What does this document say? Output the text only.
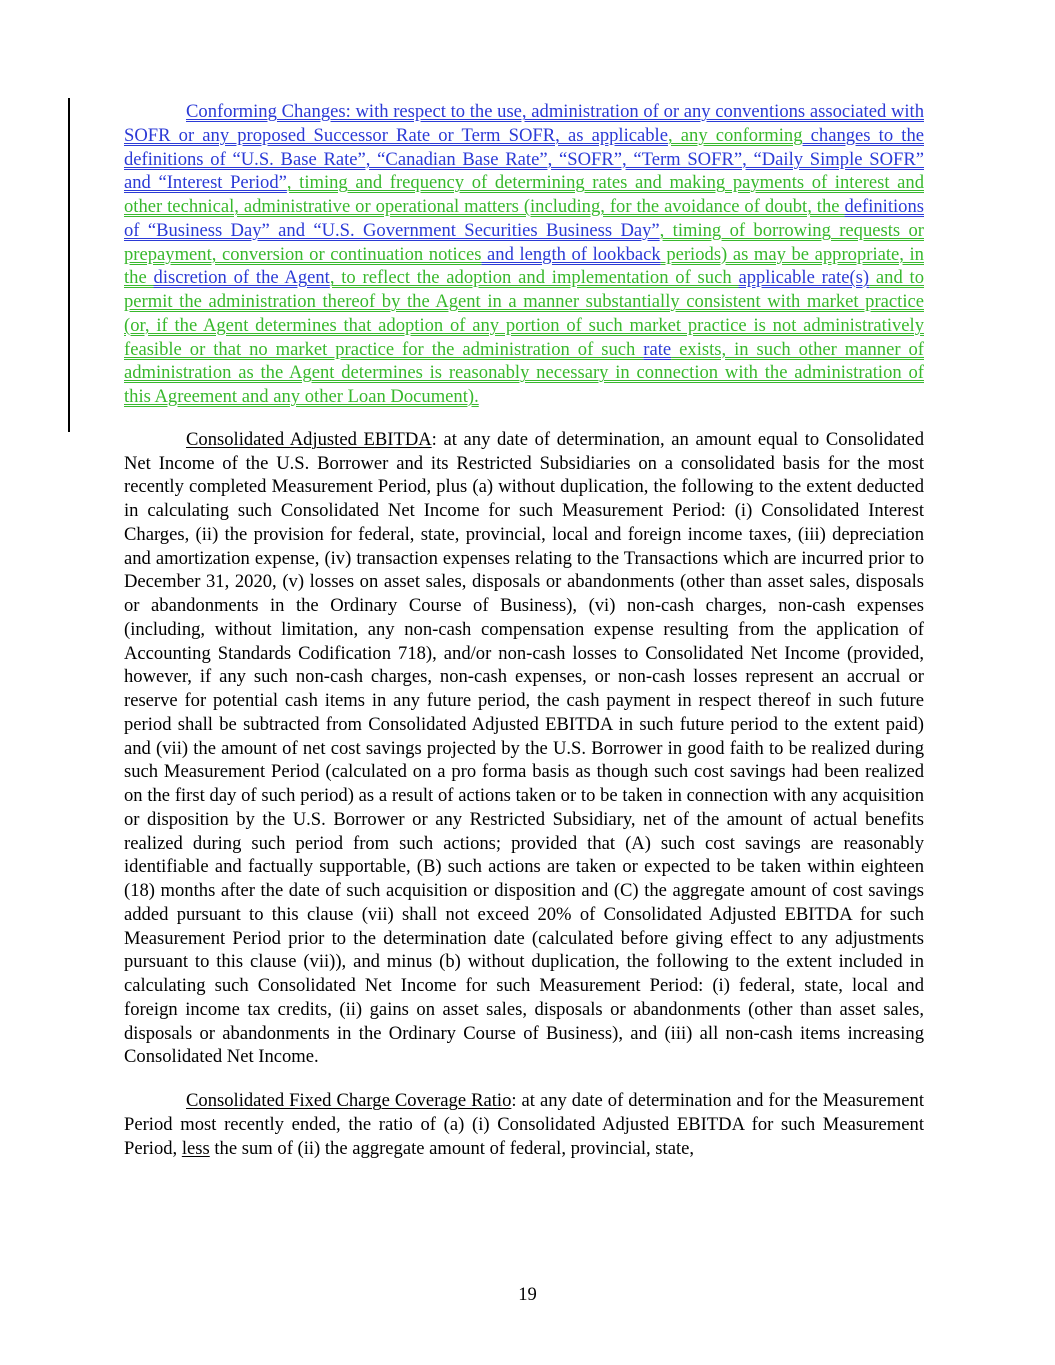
Conforming Changes: with respect to the use, administration of or any conventions associated with SOFR or any proposed Successor Rate or Term SOFR, as applicable, any conforming changes to the definitions of “U.S. Base Rate”, “Canadian Base Rate”, “SOFR”, “Term SOFR”, “Daily Simple SOFR” and “Interest Period”, timing and frequency of determining rates and making payments of interest and other technical, administrative or operational matters (including, for the avoidance of doubt, the definitions of “Business Day” and “U.S. Government Securities Business Day”, timing of borrowing requests or prepayment, conversion or continuation notices and length of lookback periods) as may be appropriate, in the discretion of the Agent, to reflect the adoption and implementation of such applicable rate(s) and to permit the administration thereof by the Agent in a manner substantially consistent with market practice (or, if the Agent determines that adoption of any portion of such market practice is not administratively feasible or that no market practice for the administration of such rate exists, in such other manner of administration as the Agent determines is reasonably necessary in connection with the administration of this Agreement and any other Loan Document).

Consolidated Adjusted EBITDA: at any date of determination, an amount equal to Consolidated Net Income of the U.S. Borrower and its Restricted Subsidiaries on a consolidated basis for the most recently completed Measurement Period, plus (a) without duplication, the following to the extent deducted in calculating such Consolidated Net Income for such Measurement Period: (i) Consolidated Interest Charges, (ii) the provision for federal, state, provincial, local and foreign income taxes, (iii) depreciation and amortization expense, (iv) transaction expenses relating to the Transactions which are incurred prior to December 31, 2020, (v) losses on asset sales, disposals or abandonments (other than asset sales, disposals or abandonments in the Ordinary Course of Business), (vi) non-cash charges, non-cash expenses (including, without limitation, any non-cash compensation expense resulting from the application of Accounting Standards Codification 718), and/or non-cash losses to Consolidated Net Income (provided, however, if any such non-cash charges, non-cash expenses, or non-cash losses represent an accrual or reserve for potential cash items in any future period, the cash payment in respect thereof in such future period shall be subtracted from Consolidated Adjusted EBITDA in such future period to the extent paid) and (vii) the amount of net cost savings projected by the U.S. Borrower in good faith to be realized during such Measurement Period (calculated on a pro forma basis as though such cost savings had been realized on the first day of such period) as a result of actions taken or to be taken in connection with any acquisition or disposition by the U.S. Borrower or any Restricted Subsidiary, net of the amount of actual benefits realized during such period from such actions; provided that (A) such cost savings are reasonably identifiable and factually supportable, (B) such actions are taken or expected to be taken within eighteen (18) months after the date of such acquisition or disposition and (C) the aggregate amount of cost savings added pursuant to this clause (vii) shall not exceed 20% of Consolidated Adjusted EBITDA for such Measurement Period prior to the determination date (calculated before giving effect to any adjustments pursuant to this clause (vii)), and minus (b) without duplication, the following to the extent included in calculating such Consolidated Net Income for such Measurement Period: (i) federal, state, local and foreign income tax credits, (ii) gains on asset sales, disposals or abandonments (other than asset sales, disposals or abandonments in the Ordinary Course of Business), and (iii) all non-cash items increasing Consolidated Net Income.

Consolidated Fixed Charge Coverage Ratio: at any date of determination and for the Measurement Period most recently ended, the ratio of (a) (i) Consolidated Adjusted EBITDA for such Measurement Period, less the sum of (ii) the aggregate amount of federal, provincial, state,

19
